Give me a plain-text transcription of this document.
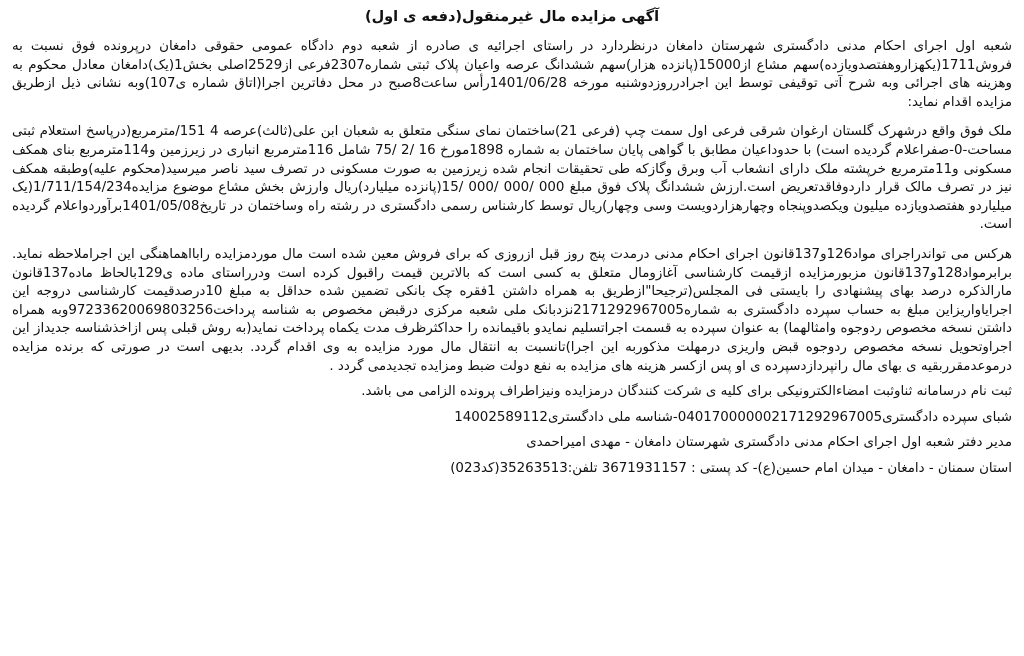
آگهی مزایده مال غیرمنقول(دفعه ی اول)

شعبه اول اجرای احکام مدنی دادگستری شهرستان دامغان درنظردارد در راستای اجرائیه ی صادره از شعبه دوم دادگاه عمومی حقوقی دامغان درپرونده فوق نسبت به فروش1711(یکهزاروهفتصدویازده)سهم مشاع از15000(پانزده هزار)سهم ششدانگ عرصه واعیان پلاک ثبتی شماره2307فرعی از2529اصلی بخش1(یک)دامغان معادل محکوم به وهزینه های اجرائی وبه شرح آتی توقیفی توسط این اجرادرروزدوشنبه مورخه 1401/06/28رأس ساعت8صبح در محل دفاترین اجرا(اتاق شماره ی107)وبه نشانی ذیل ازطریق مزایده اقدام نماید:

ملک فوق واقع درشهرک گلستان ارغوان شرقی فرعی اول سمت چپ (فرعی 21)ساختمان نمای سنگی متعلق به شعبان ابن علی(ثالث)عرصه 4 151/مترمربع(درپاسخ استعلام ثبتی مساحت-0-صفراعلام گردیده است) با حدوداعیان مطابق با گواهی پایان ساختمان به شماره 1898مورخ 16 /2 /75 شامل 116مترمربع انباری در زیرزمین و114مترمربع بنای همکف مسکونی و11مترمربع خرپشته ملک دارای انشعاب آب وبرق وگازکه طی تحقیقات انجام شده زیرزمین به صورت مسکونی در تصرف سید ناصر میرسید(محکوم علیه)وطبقه همکف نیز در تصرف مالک قرار داردوفاقدتعریض است.ارزش ششدانگ پلاک فوق مبلغ 000 /000 /000 /15(پانزده میلیارد)ریال وارزش بخش مشاع موضوع مزایده1/711/154/234(یک میلیاردو هفتصدویازده میلیون ویکصدوپنجاه وچهارهزاردویست وسی وچهار)ریال توسط کارشناس رسمی دادگستری در رشته راه وساختمان در تاریخ1401/05/08برآوردواعلام گردیده است.

هرکس می تواندراجرای مواد126و137قانون اجرای احکام مدنی درمدت پنج روز قبل ازروزی که برای فروش معین شده است مال موردمزایده رابااهماهنگی این اجراملاحظه نماید. برابرمواد128و137قانون مزبورمزایده ازقیمت کارشناسی آغازومال متعلق به کسی است که بالاترین قیمت راقبول کرده است ودرراستای ماده ی129بالحاظ ماده137قانون مارالذکره درصد بهای پیشنهادی را بایستی فی المجلس(ترجیحا"ازطریق به همراه داشتن 1فقره چک بانکی تضمین شده حداقل به مبلغ 10درصدقیمت کارشناسی دروجه این اجرایاواریزاین مبلغ به حساب سپرده دادگستری به شماره2171292967005نزدبانک ملی شعبه مرکزی درقبض مخصوص به شناسه پرداخت9723362006980325‌6وبه همراه داشتن نسخه مخصوص ردوجوه وامثالهما) به عنوان سپرده به قسمت اجراتسلیم نمایدو باقیمانده را حداکثرظرف مدت یکماه پرداخت نماید(به روش قبلی پس ازاخذشناسه جدیداز این اجراوتحویل نسخه مخصوص ردوجوه قبض واریزی درمهلت مذکوربه این اجرا)تانسبت به انتقال مال مورد مزایده به وی اقدام گردد. بدیهی است در صورتی که برنده مزایده درموعدمقرربقیه ی بهای مال رانپردازدسپرده ی او پس ازکسر هزینه های مزایده به نفع دولت ضبط ومزایده تجدیدمی گردد .

ثبت نام درسامانه ثناوثبت امضاءالکترونیکی برای کلیه ی شرکت کنندگان درمزایده ونیزاطراف پرونده الزامی می باشد.

شبای سپرده دادگستری040170000002171292967005-شناسه ملی دادگستری14002589112

مدیر دفتر شعبه اول اجرای احکام مدنی دادگستری شهرستان دامغان - مهدی امیراحمدی

استان سمنان - دامغان - میدان امام حسین(ع)- کد پستی : 3671931157 تلفن:35263513(کد023)
